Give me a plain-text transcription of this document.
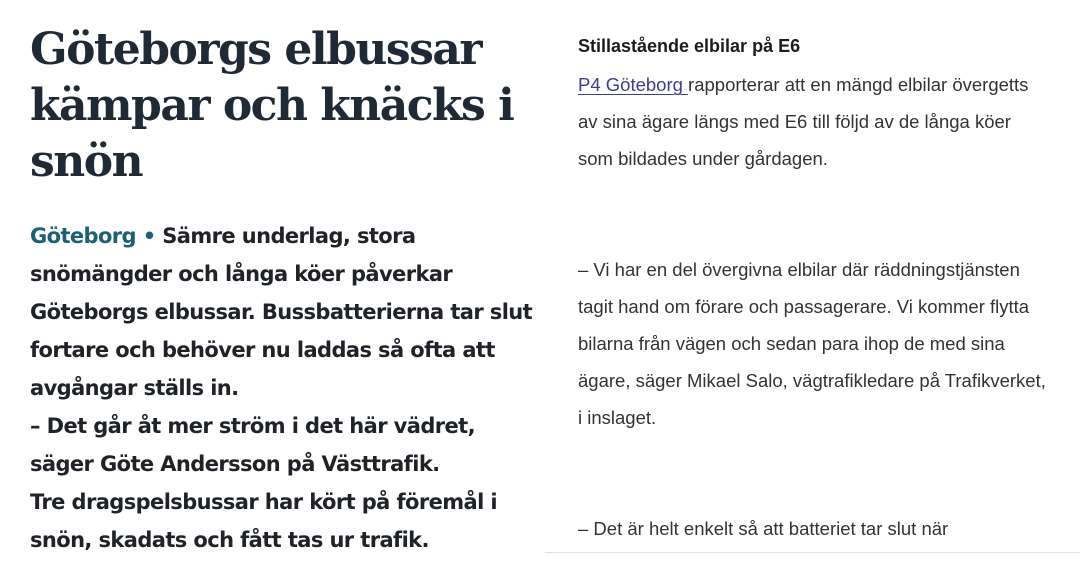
Göteborgs elbussar kämpar och knäcks i snön

Göteborg • Sämre underlag, stora snömängder och långa köer påverkar Göteborgs elbussar. Bussbatterierna tar slut fortare och behöver nu laddas så ofta att avgångar ställs in.

– Det går åt mer ström i det här vädret, säger Göte Andersson på Västtrafik.

Tre dragspelsbussar har kört på föremål i snön, skadats och fått tas ur trafik.

Stillastående elbilar på E6

P4 Göteborg rapporterar att en mängd elbilar övergetts av sina ägare längs med E6 till följd av de långa köer som bildades under gårdagen.

– Vi har en del övergivna elbilar där räddningstjänsten tagit hand om förare och passagerare. Vi kommer flytta bilarna från vägen och sedan para ihop de med sina ägare, säger Mikael Salo, vägtrafikledare på Trafikverket, i inslaget.

– Det är helt enkelt så att batteriet tar slut när
